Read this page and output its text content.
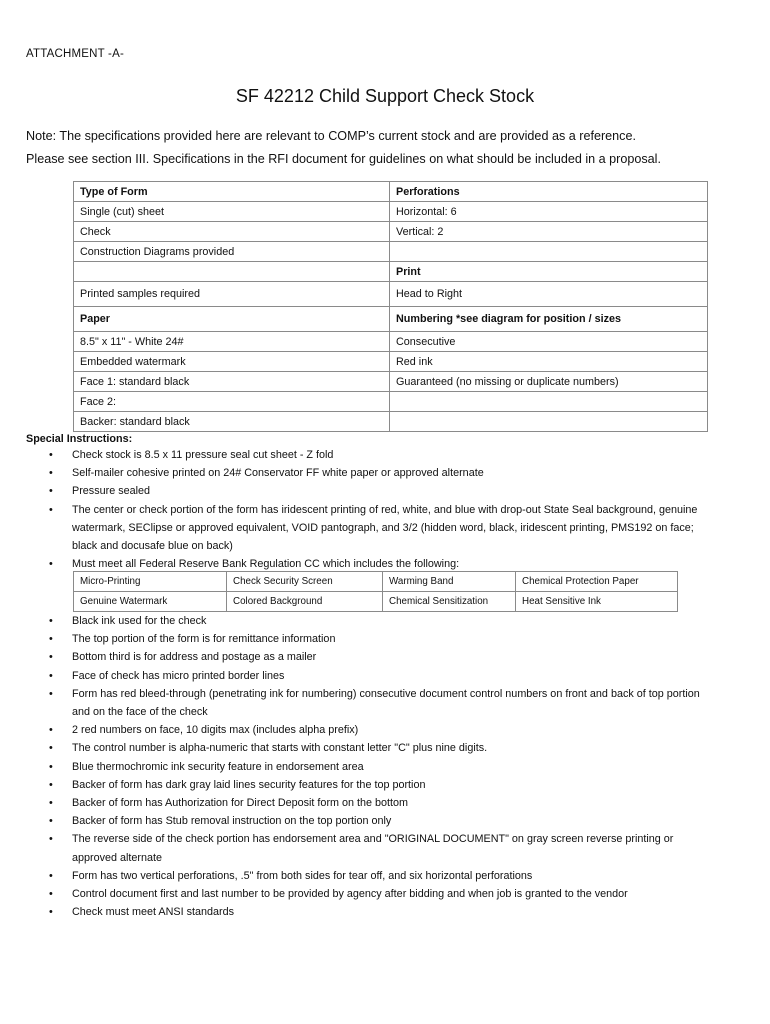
ATTACHMENT -A-
SF 42212 Child Support Check Stock

Note: The specifications provided here are relevant to COMP’s current stock and are provided as a reference.

Please see section III. Specifications in the RFI document for guidelines on what should be included in a proposal.

Type of Form	Perforations
Single (cut) sheet	Horizontal: 6
Check	Vertical: 2
Construction Diagrams provided	
	Print
Printed samples required	Head to Right
Paper	Numbering *see diagram for position / sizes
8.5" x 11" - White 24#	Consecutive
Embedded watermark	Red ink
Face 1: standard black	Guaranteed (no missing or duplicate numbers)
Face 2:	
Backer: standard black	
Special Instructions:
• Check stock is 8.5 x 11 pressure seal cut sheet - Z fold
• Self-mailer cohesive printed on 24# Conservator FF white paper or approved alternate
• Pressure sealed
• The center or check portion of the form has iridescent printing of red, white, and blue with drop-out State Seal background, genuine watermark, SEClipse or approved equivalent, VOID pantograph, and 3/2 (hidden word, black, iridescent printing, PMS192 on face; black and docusafe blue on back)
• Must meet all Federal Reserve Bank Regulation CC which includes the following:
Micro-Printing	Check Security Screen	Warming Band	Chemical Protection Paper
Genuine Watermark	Colored Background	Chemical Sensitization	Heat Sensitive Ink
• Black ink used for the check
• The top portion of the form is for remittance information
• Bottom third is for address and postage as a mailer
• Face of check has micro printed border lines
• Form has red bleed-through (penetrating ink for numbering) consecutive document control numbers on front and back of top portion and on the face of the check
• 2 red numbers on face, 10 digits max (includes alpha prefix)
• The control number is alpha-numeric that starts with constant letter "C" plus nine digits.
• Blue thermochromic ink security feature in endorsement area
• Backer of form has dark gray laid lines security features for the top portion
• Backer of form has Authorization for Direct Deposit form on the bottom
• Backer of form has Stub removal instruction on the top portion only
• The reverse side of the check portion has endorsement area and "ORIGINAL DOCUMENT" on gray screen reverse printing or approved alternate
• Form has two vertical perforations, .5" from both sides for tear off, and six horizontal perforations
• Control document first and last number to be provided by agency after bidding and when job is granted to the vendor
• Check must meet ANSI standards
